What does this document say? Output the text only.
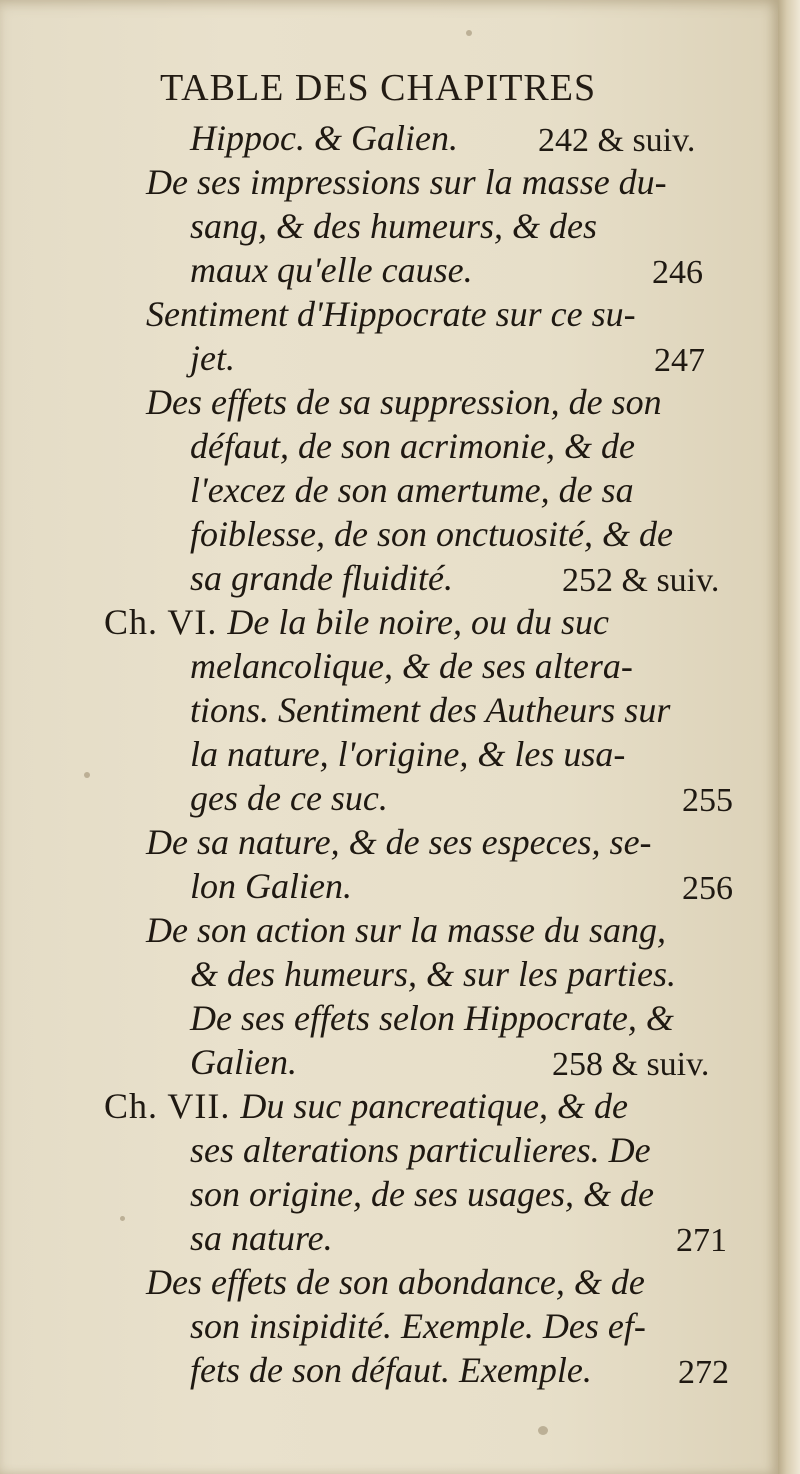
TABLE DES CHAPITRES
Hippoc. & Galien. 242 & suiv.
De ses impressions sur la masse du-
sang, & des humeurs, & des
maux qu'elle cause.	246
Sentiment d'Hippocrate sur ce su-
jet.	247
Des effets de sa suppression, de son
défaut, de son acrimonie, & de
l'excez de son amertume, de sa
foiblesse, de son onctuosité, & de
sa grande fluidité.	252 & suiv.
Ch. VI. De la bile noire, ou du suc
melancolique, & de ses altera-
tions. Sentiment des Autheurs sur
la nature, l'origine, & les usa-
ges de ce suc.	255
De sa nature, & de ses especes, se-
lon Galien.	256
De son action sur la masse du sang,
& des humeurs, & sur les parties.
De ses effets selon Hippocrate, &
Galien.	258 & suiv.
Ch. VII. Du suc pancreatique, & de
ses alterations particulieres. De
son origine, de ses usages, & de
sa nature.	271
Des effets de son abondance, & de
son insipidité. Exemple. Des ef-
fets de son défaut. Exemple.	272
